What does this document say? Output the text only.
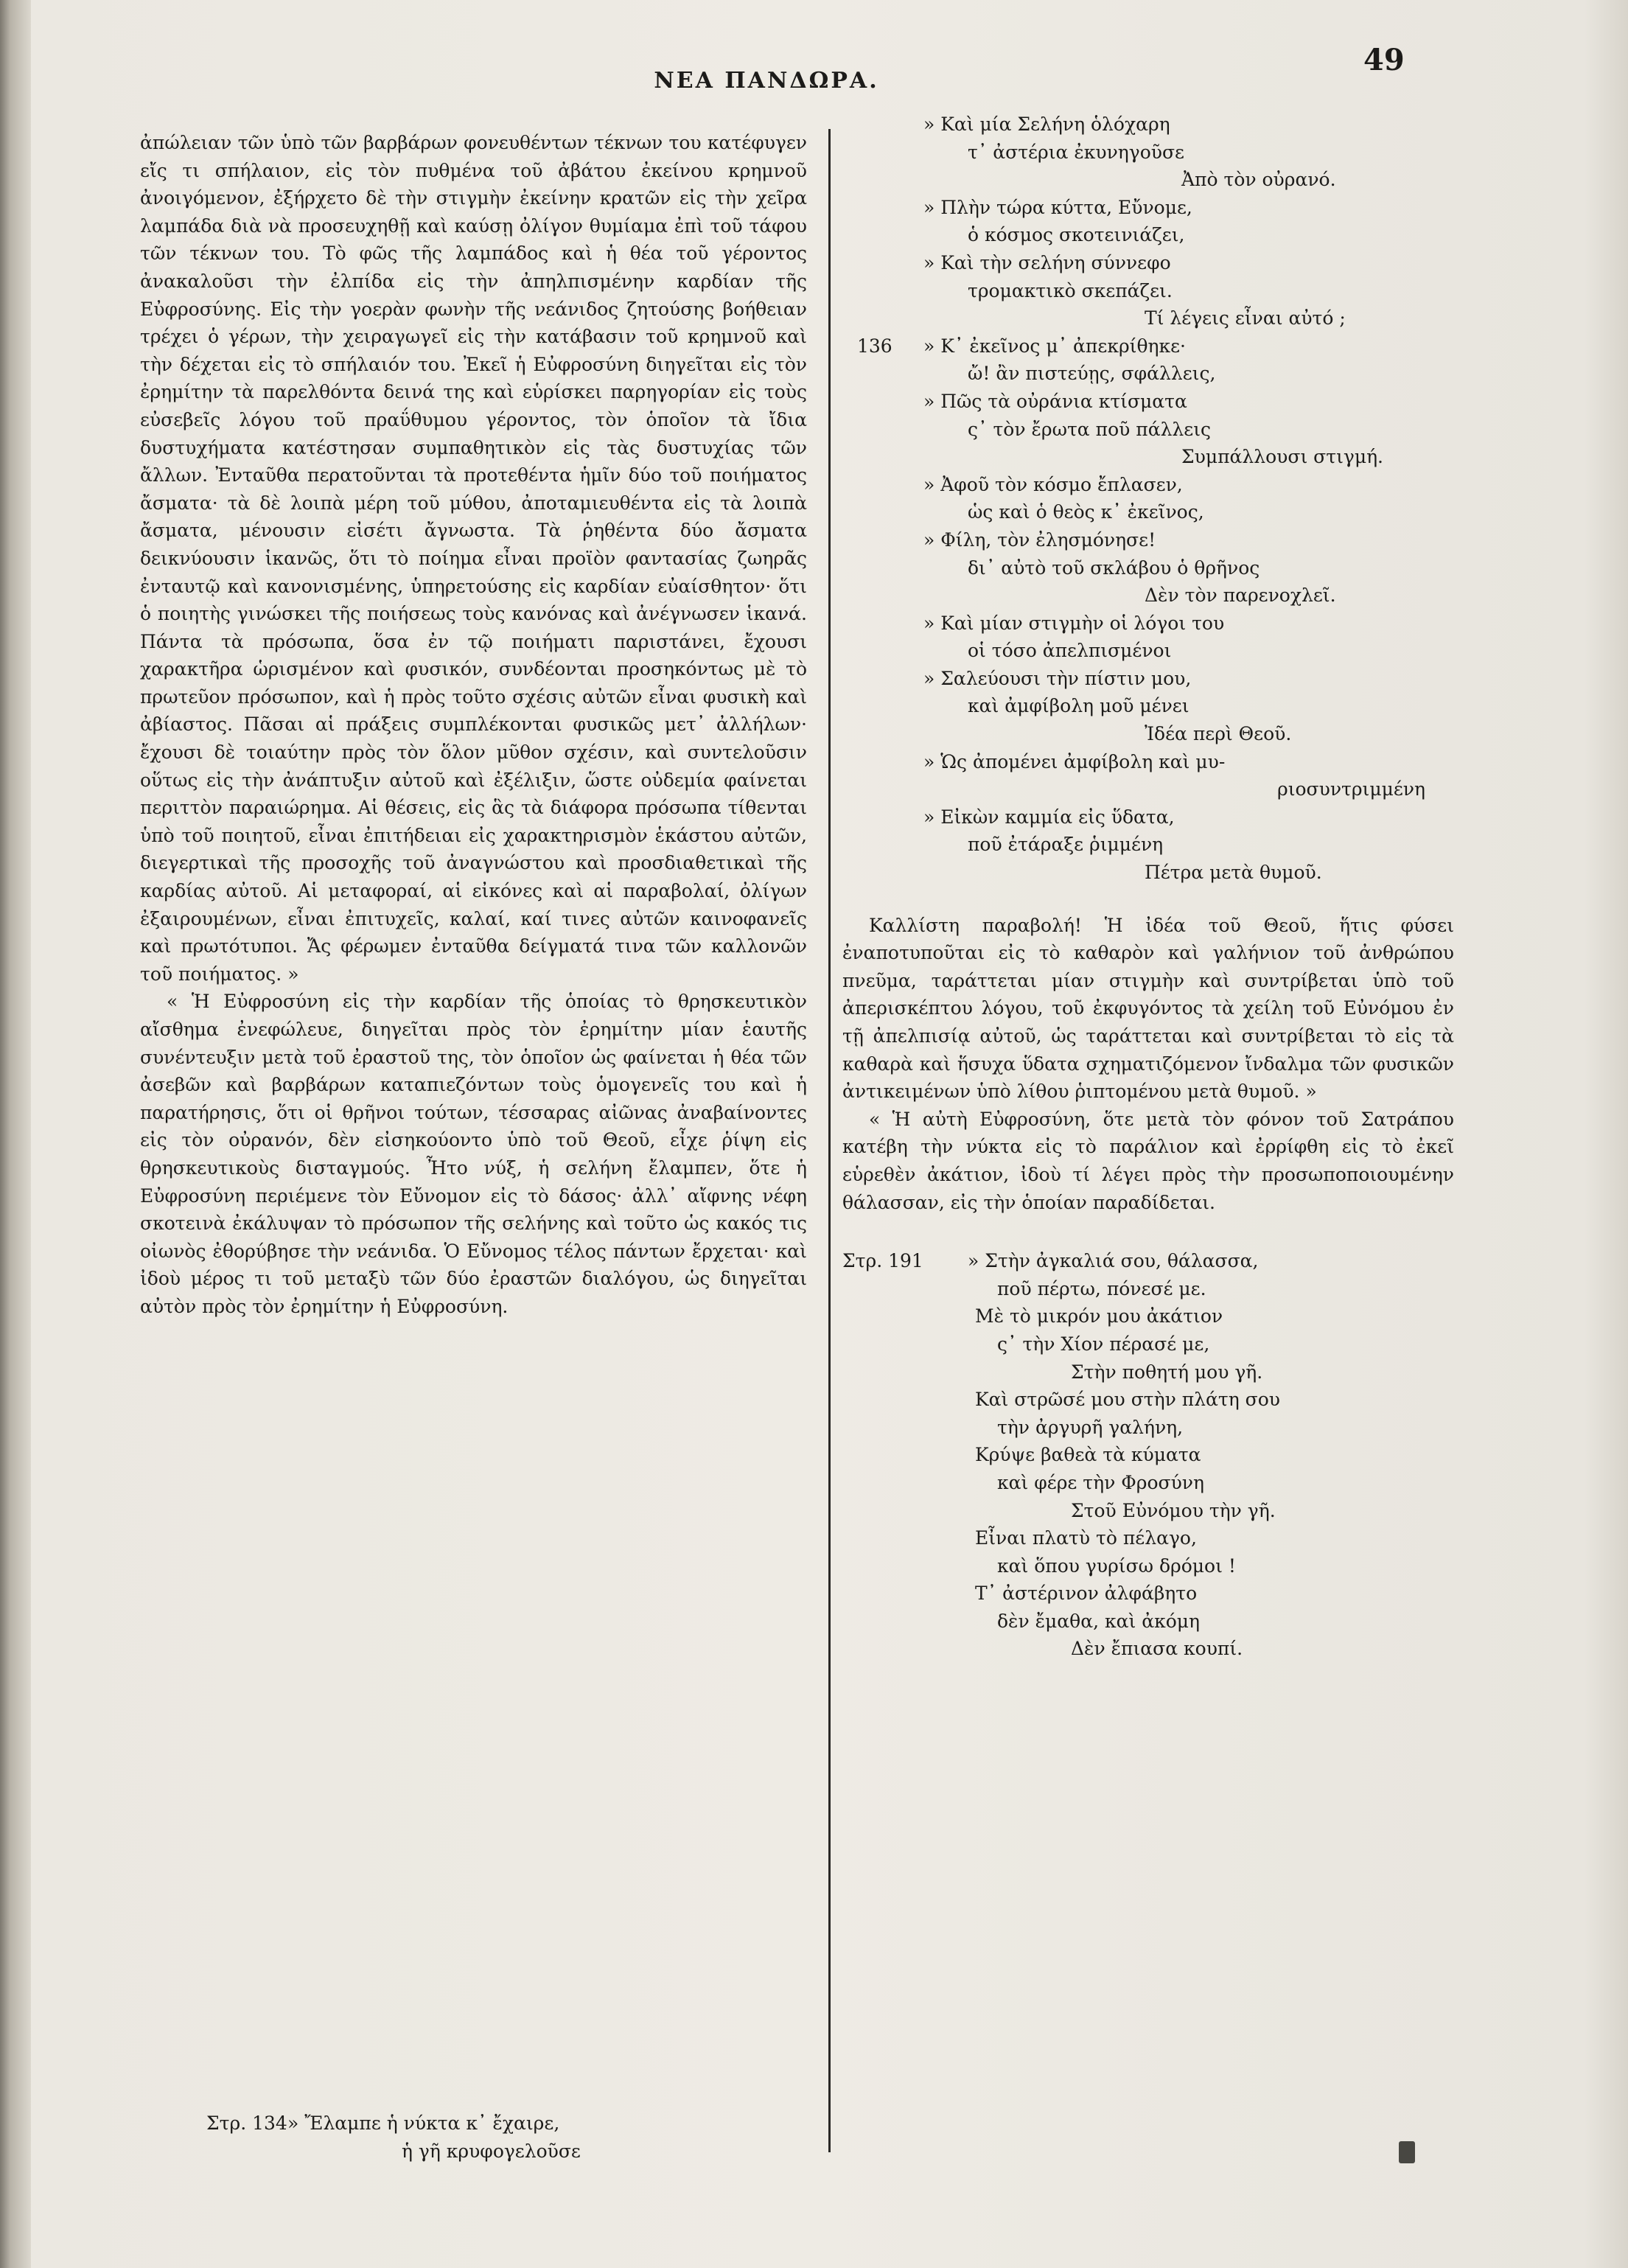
ΝΕΑ ΠΑΝΔΩΡΑ.
49

ἀπώλειαν τῶν ὑπὸ τῶν βαρβάρων φονευθέντων τέκνων του κατέφυγεν εἴς τι σπήλαιον, εἰς τὸν πυθμένα τοῦ ἀβάτου ἐκείνου κρημνοῦ ἀνοιγόμενον, ἐξήρχετο δὲ τὴν στιγμὴν ἐκείνην κρατῶν εἰς τὴν χεῖρα λαμπάδα διὰ νὰ προσευχηθῇ καὶ καύσῃ ὀλίγον θυμίαμα ἐπὶ τοῦ τάφου τῶν τέκνων του. Τὸ φῶς τῆς λαμπάδος καὶ ἡ θέα τοῦ γέροντος ἀνακαλοῦσι τὴν ἐλπίδα εἰς τὴν ἀπηλπισμένην καρδίαν τῆς Εὐφροσύνης. Εἰς τὴν γοερὰν φωνὴν τῆς νεάνιδος ζητούσης βοήθειαν τρέχει ὁ γέρων, τὴν χειραγωγεῖ εἰς τὴν κατάβασιν τοῦ κρημνοῦ καὶ τὴν δέχεται εἰς τὸ σπήλαιόν του. Ἐκεῖ ἡ Εὐφροσύνη διηγεῖται εἰς τὸν ἐρημίτην τὰ παρελθόντα δεινά της καὶ εὑρίσκει παρηγορίαν εἰς τοὺς εὐσεβεῖς λόγου τοῦ πραΰθυμου γέροντος, τὸν ὁποῖον τὰ ἴδια δυστυχήματα κατέστησαν συμπαθητικὸν εἰς τὰς δυστυχίας τῶν ἄλλων. Ἐνταῦθα περατοῦνται τὰ προτεθέντα ἡμῖν δύο τοῦ ποιήματος ἄσματα· τὰ δὲ λοιπὰ μέρη τοῦ μύθου, ἀποταμιευθέντα εἰς τὰ λοιπὰ ἄσματα, μένουσιν εἰσέτι ἄγνωστα. Τὰ ῥηθέντα δύο ἄσματα δεικνύουσιν ἱκανῶς, ὅτι τὸ ποίημα εἶναι προϊὸν φαντασίας ζωηρᾶς ἐνταυτῷ καὶ κανονισμένης, ὑπηρετούσης εἰς καρδίαν εὐαίσθητον· ὅτι ὁ ποιητὴς γινώσκει τῆς ποιήσεως τοὺς κανόνας καὶ ἀνέγνωσεν ἱκανά. Πάντα τὰ πρόσωπα, ὅσα ἐν τῷ ποιήματι παριστάνει, ἔχουσι χαρακτῆρα ὡρισμένον καὶ φυσικόν, συνδέονται προσηκόντως μὲ τὸ πρωτεῦον πρόσωπον, καὶ ἡ πρὸς τοῦτο σχέσις αὐτῶν εἶναι φυσικὴ καὶ ἀβίαστος. Πᾶσαι αἱ πράξεις συμπλέκονται φυσικῶς μετ᾽ ἀλλήλων· ἔχουσι δὲ τοιαύτην πρὸς τὸν ὅλον μῦθον σχέσιν, καὶ συντελοῦσιν οὕτως εἰς τὴν ἀνάπτυξιν αὐτοῦ καὶ ἐξέλιξιν, ὥστε οὐδεμία φαίνεται περιττὸν παραιώρημα. Αἱ θέσεις, εἰς ἃς τὰ διάφορα πρόσωπα τίθενται ὑπὸ τοῦ ποιητοῦ, εἶναι ἐπιτήδειαι εἰς χαρακτηρισμὸν ἑκάστου αὐτῶν, διεγερτικαὶ τῆς προσοχῆς τοῦ ἀναγνώστου καὶ προσδιαθετικαὶ τῆς καρδίας αὐτοῦ. Αἱ μεταφοραί, αἱ εἰκόνες καὶ αἱ παραβολαί, ὀλίγων ἐξαιρουμένων, εἶναι ἐπιτυχεῖς, καλαί, καί τινες αὐτῶν καινοφανεῖς καὶ πρωτότυποι. Ἄς φέρωμεν ἐνταῦθα δείγματά τινα τῶν καλλονῶν τοῦ ποιήματος. »

« Ἡ Εὐφροσύνη εἰς τὴν καρδίαν τῆς ὁποίας τὸ θρησκευτικὸν αἴσθημα ἐνεφώλευε, διηγεῖται πρὸς τὸν ἐρημίτην μίαν ἑαυτῆς συνέντευξιν μετὰ τοῦ ἐραστοῦ της, τὸν ὁποῖον ὡς φαίνεται ἡ θέα τῶν ἀσεβῶν καὶ βαρβάρων καταπιεζόντων τοὺς ὁμογενεῖς του καὶ ἡ παρατήρησις, ὅτι οἱ θρῆνοι τούτων, τέσσαρας αἰῶνας ἀναβαίνοντες εἰς τὸν οὐρανόν, δὲν εἰσηκούοντο ὑπὸ τοῦ Θεοῦ, εἶχε ῥίψη εἰς θρησκευτικοὺς δισταγμούς. Ἦτο νύξ, ἡ σελήνη ἔλαμπεν, ὅτε ἡ Εὐφροσύνη περιέμενε τὸν Εὔνομον εἰς τὸ δάσος· ἀλλ᾽ αἴφνης νέφη σκοτεινὰ ἐκάλυψαν τὸ πρόσωπον τῆς σελήνης καὶ τοῦτο ὡς κακός τις οἰωνὸς ἐθορύβησε τὴν νεάνιδα. Ὁ Εὔνομος τέλος πάντων ἔρχεται· καὶ ἰδοὺ μέρος τι τοῦ μεταξὺ τῶν δύο ἐραστῶν διαλόγου, ὡς διηγεῖται αὐτὸν πρὸς τὸν ἐρημίτην ἡ Εὐφροσύνη.

Στρ. 134» Ἔλαμπε ἡ νύκτα κ᾽ ἔχαιρε,
ἡ γῆ κρυφογελοῦσε
» Καὶ μία Σελήνη ὁλόχαρη
τ᾽ ἀστέρια ἐκυνηγοῦσε
Ἀπὸ τὸν οὐρανό.
» Πλὴν τώρα κύττα, Εὔνομε,
ὁ κόσμος σκοτεινιάζει,
» Καὶ τὴν σελήνη σύννεφο
τρομακτικὸ σκεπάζει.
Τί λέγεις εἶναι αὐτό ;
136 » Κ᾽ ἐκεῖνος μ᾽ ἀπεκρίθηκε·
ὤ! ἂν πιστεύῃς, σφάλλεις,
» Πῶς τὰ οὐράνια κτίσματα
ς᾽ τὸν ἔρωτα ποῦ πάλλεις
Συμπάλλουσι στιγμή.
» Ἀφοῦ τὸν κόσμο ἔπλασεν,
ὡς καὶ ὁ θεὸς κ᾽ ἐκεῖνος,
» Φίλη, τὸν ἐλησμόνησε!
δι᾽ αὐτὸ τοῦ σκλάβου ὁ θρῆνος
Δὲν τὸν παρενοχλεῖ.
» Καὶ μίαν στιγμὴν οἱ λόγοι του
οἱ τόσο ἀπελπισμένοι
» Σαλεύουσι τὴν πίστιν μου,
καὶ ἀμφίβολη μοῦ μένει
Ἰδέα περὶ Θεοῦ.
» Ὡς ἀπομένει ἀμφίβολη καὶ μυ-
ριοσυντριμμένη
» Εἰκὼν καμμία εἰς ὕδατα,
ποῦ ἐτάραξε ῥιμμένη
Πέτρα μετὰ θυμοῦ.

Καλλίστη παραβολή! Ἡ ἰδέα τοῦ Θεοῦ, ἥτις φύσει ἐναποτυποῦται εἰς τὸ καθαρὸν καὶ γαλήνιον τοῦ ἀνθρώπου πνεῦμα, ταράττεται μίαν στιγμὴν καὶ συντρίβεται ὑπὸ τοῦ ἀπερισκέπτου λόγου, τοῦ ἐκφυγόντος τὰ χείλη τοῦ Εὐνόμου ἐν τῇ ἀπελπισίᾳ αὐτοῦ, ὡς ταράττεται καὶ συντρίβεται τὸ εἰς τὰ καθαρὰ καὶ ἥσυχα ὕδατα σχηματιζόμενον ἴνδαλμα τῶν φυσικῶν ἀντικειμένων ὑπὸ λίθου ῥιπτομένου μετὰ θυμοῦ. »

« Ἡ αὐτὴ Εὐφροσύνη, ὅτε μετὰ τὸν φόνον τοῦ Σατράπου κατέβη τὴν νύκτα εἰς τὸ παράλιον καὶ ἐρρίφθη εἰς τὸ ἐκεῖ εὑρεθὲν ἀκάτιον, ἰδοὺ τί λέγει πρὸς τὴν προσωποποιουμένην θάλασσαν, εἰς τὴν ὁποίαν παραδίδεται.

Στρ. 191 » Στὴν ἀγκαλιά σου, θάλασσα,
ποῦ πέρτω, πόνεσέ με.
Μὲ τὸ μικρόν μου ἀκάτιον
ς᾽ τὴν Χίον πέρασέ με,
Στὴν ποθητή μου γῆ.
Καὶ στρῶσέ μου στὴν πλάτη σου
τὴν ἀργυρῆ γαλήνη,
Κρύψε βαθεὰ τὰ κύματα
καὶ φέρε τὴν Φροσύνη
Στοῦ Εὐνόμου τὴν γῆ.
Εἶναι πλατὺ τὸ πέλαγο,
καὶ ὅπου γυρίσω δρόμοι !
Τ᾽ ἀστέρινον ἀλφάβητο
δὲν ἔμαθα, καὶ ἀκόμη
Δὲν ἔπιασα κουπί.
